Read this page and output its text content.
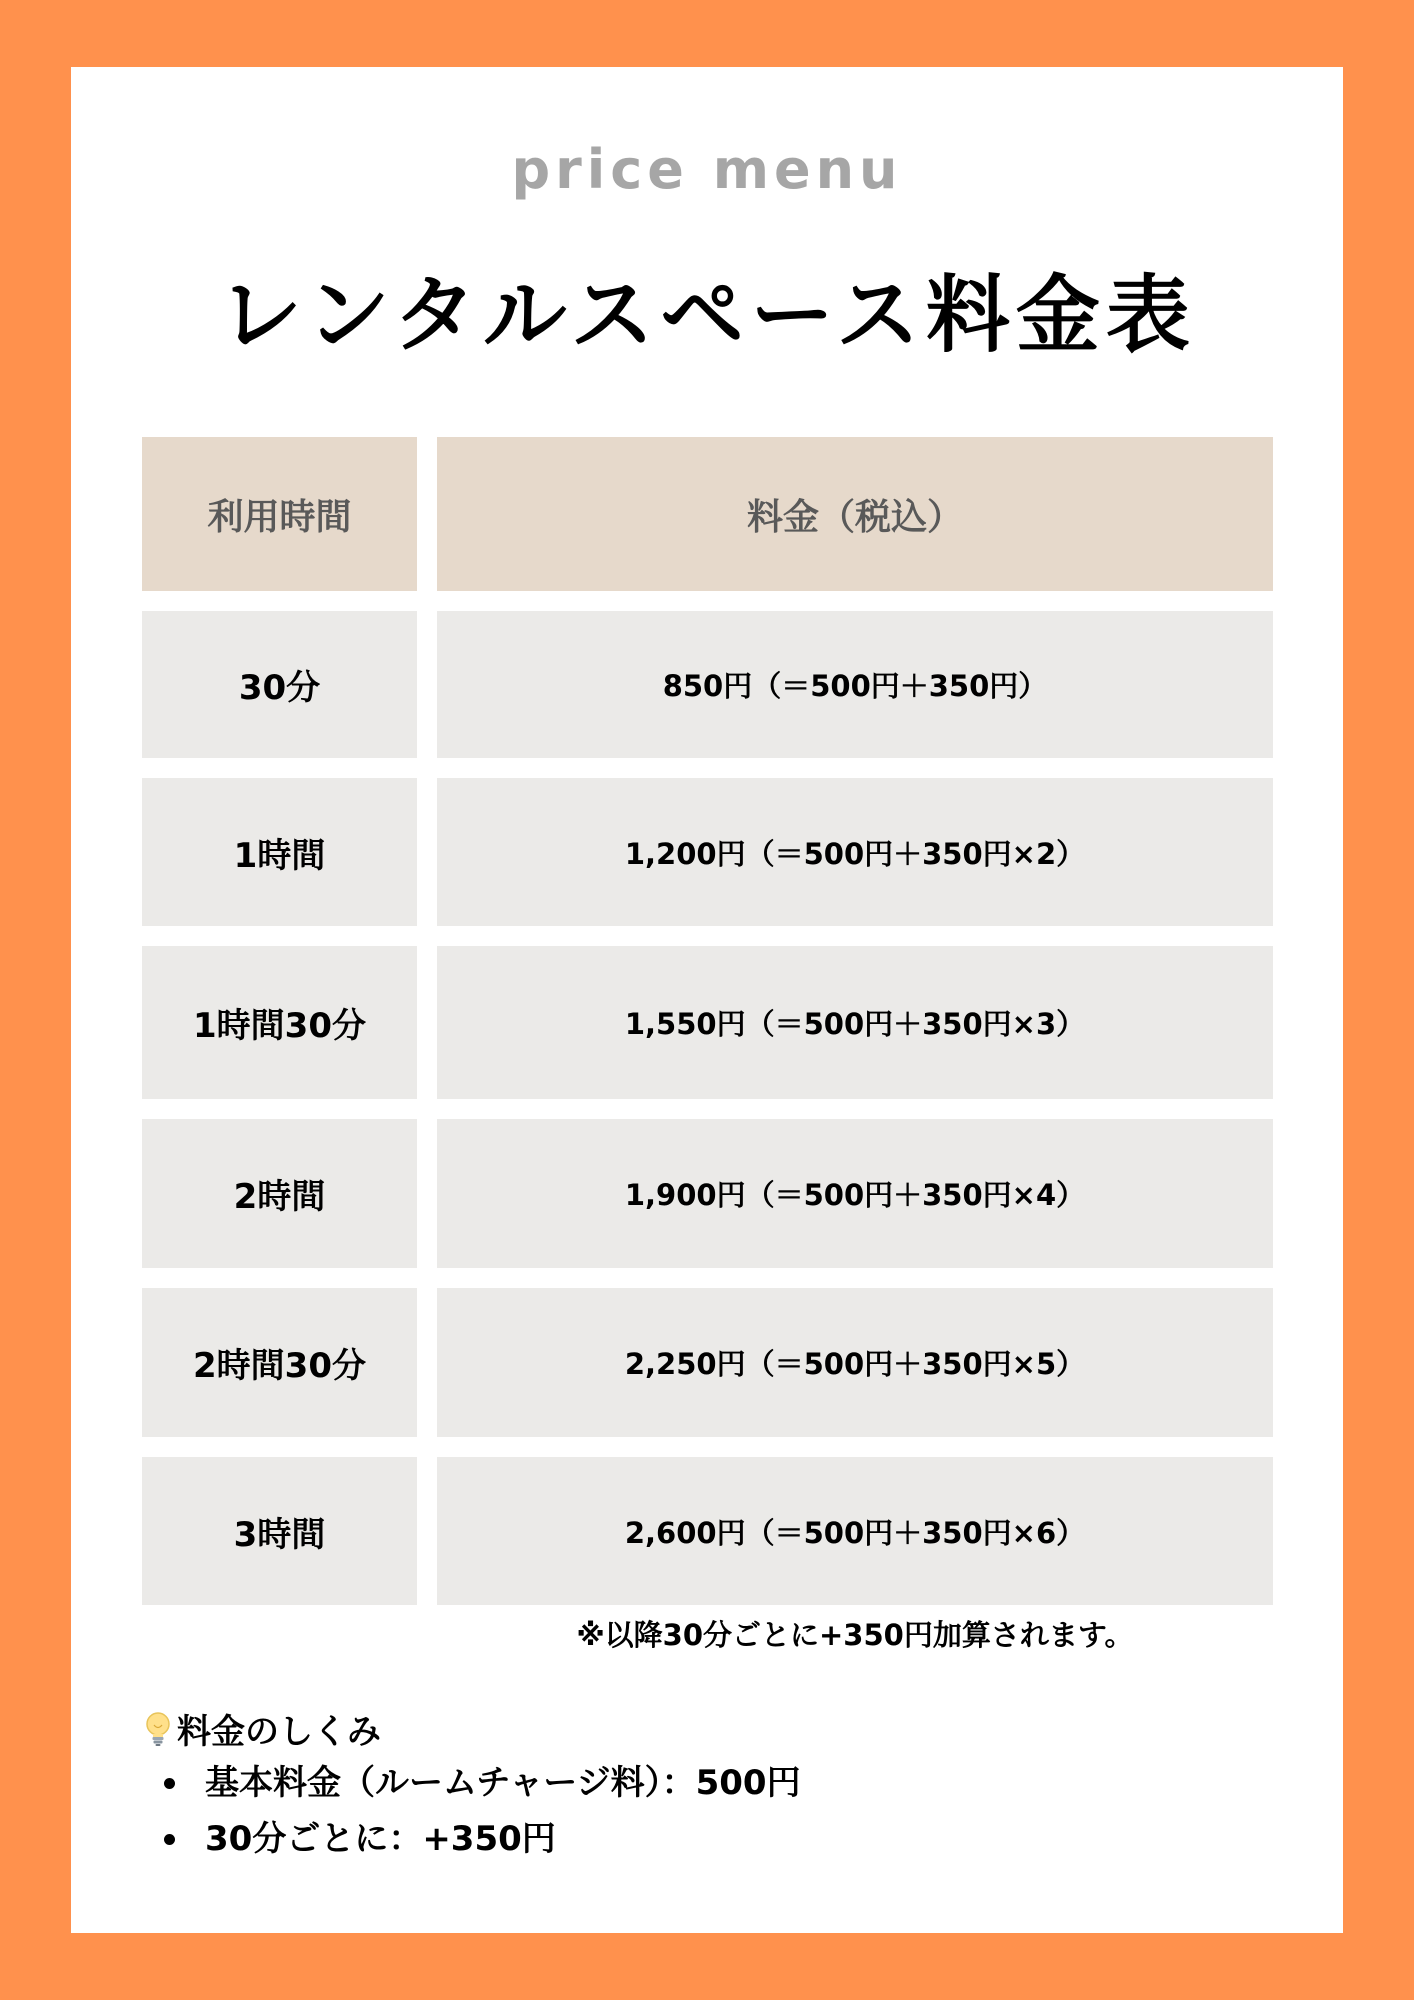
price menu
レンタルスペース料金表
利用時間	料金（税込）
30分	850円（＝500円＋350円）
1時間	1,200円（＝500円＋350円×2）
1時間30分	1,550円（＝500円＋350円×3）
2時間	1,900円（＝500円＋350円×4）
2時間30分	2,250円（＝500円＋350円×5）
3時間	2,600円（＝500円＋350円×6）
※以降30分ごとに+350円加算されます。
料金のしくみ
基本料金（ルームチャージ料）：500円
30分ごとに：+350円
